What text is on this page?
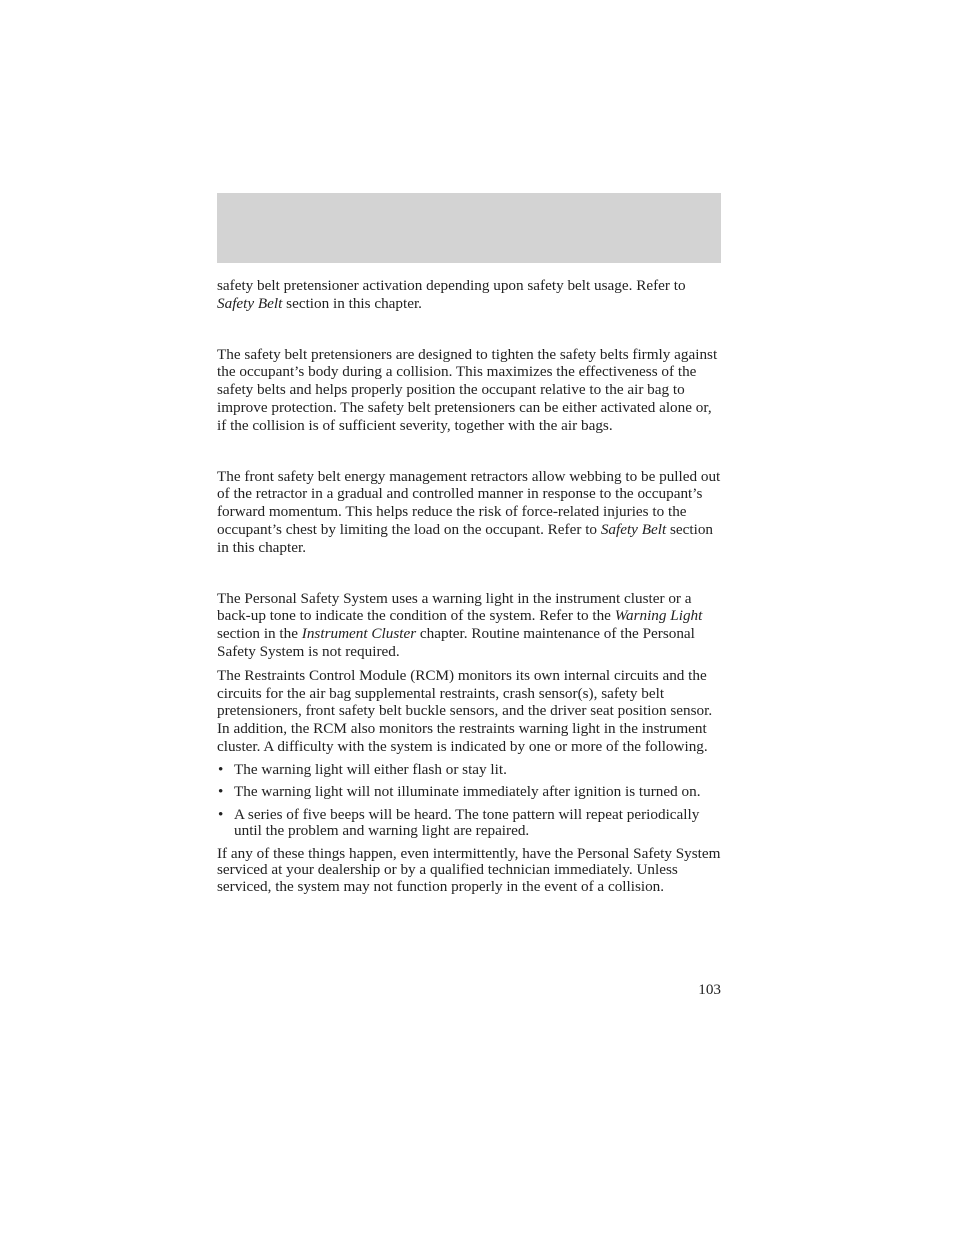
safety belt pretensioner activation depending upon safety belt usage. Refer to Safety Belt section in this chapter.

The safety belt pretensioners are designed to tighten the safety belts firmly against the occupant’s body during a collision. This maximizes the effectiveness of the safety belts and helps properly position the occupant relative to the air bag to improve protection. The safety belt pretensioners can be either activated alone or, if the collision is of sufficient severity, together with the air bags.

The front safety belt energy management retractors allow webbing to be pulled out of the retractor in a gradual and controlled manner in response to the occupant’s forward momentum. This helps reduce the risk of force-related injuries to the occupant’s chest by limiting the load on the occupant. Refer to Safety Belt section in this chapter.

The Personal Safety System uses a warning light in the instrument cluster or a back-up tone to indicate the condition of the system. Refer to the Warning Light section in the Instrument Cluster chapter. Routine maintenance of the Personal Safety System is not required.

The Restraints Control Module (RCM) monitors its own internal circuits and the circuits for the air bag supplemental restraints, crash sensor(s), safety belt pretensioners, front safety belt buckle sensors, and the driver seat position sensor. In addition, the RCM also monitors the restraints warning light in the instrument cluster. A difficulty with the system is indicated by one or more of the following.

• The warning light will either flash or stay lit.
• The warning light will not illuminate immediately after ignition is turned on.
• A series of five beeps will be heard. The tone pattern will repeat periodically until the problem and warning light are repaired.

If any of these things happen, even intermittently, have the Personal Safety System serviced at your dealership or by a qualified technician immediately. Unless serviced, the system may not function properly in the event of a collision.

103
